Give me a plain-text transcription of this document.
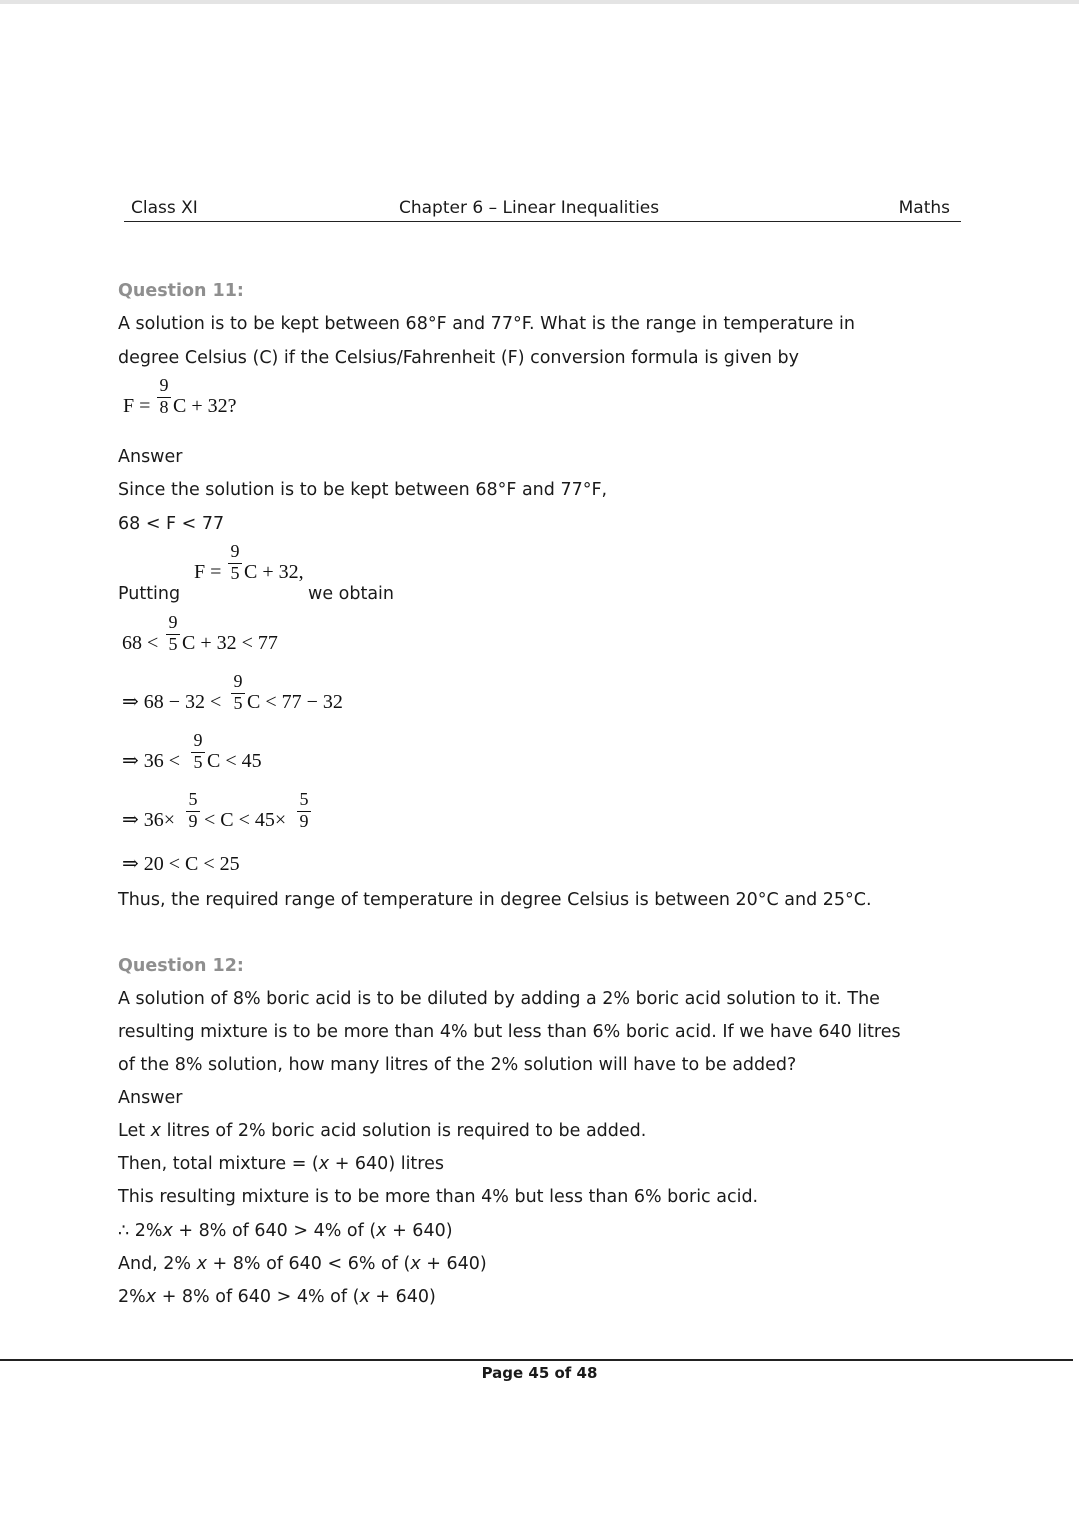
Class XI	Chapter 6 – Linear Inequalities	Maths
Question 11:
A solution is to be kept between 68°F and 77°F. What is the range in temperature in
degree Celsius (C) if the Celsius/Fahrenheit (F) conversion formula is given by
F =
9
8 C + 32?
Answer
Since the solution is to be kept between 68°F and 77°F,
68 < F < 77
Putting
F =
9
5 C + 32,
we obtain
68 <
9
5 C + 32 < 77
⇒ 68 − 32 <
9
5 C < 77 − 32
⇒ 36 <
9
5 C < 45
⇒ 36×
5
9 < C < 45×
5
9
⇒ 20 < C < 25
Thus, the required range of temperature in degree Celsius is between 20°C and 25°C.
Question 12:
A solution of 8% boric acid is to be diluted by adding a 2% boric acid solution to it. The
resulting mixture is to be more than 4% but less than 6% boric acid. If we have 640 litres
of the 8% solution, how many litres of the 2% solution will have to be added?
Answer
Let x litres of 2% boric acid solution is required to be added.
Then, total mixture = (x + 640) litres
This resulting mixture is to be more than 4% but less than 6% boric acid.
∴ 2%x + 8% of 640 > 4% of (x + 640)
And, 2% x + 8% of 640 < 6% of (x + 640)
2%x + 8% of 640 > 4% of (x + 640)
Page 45 of 48
